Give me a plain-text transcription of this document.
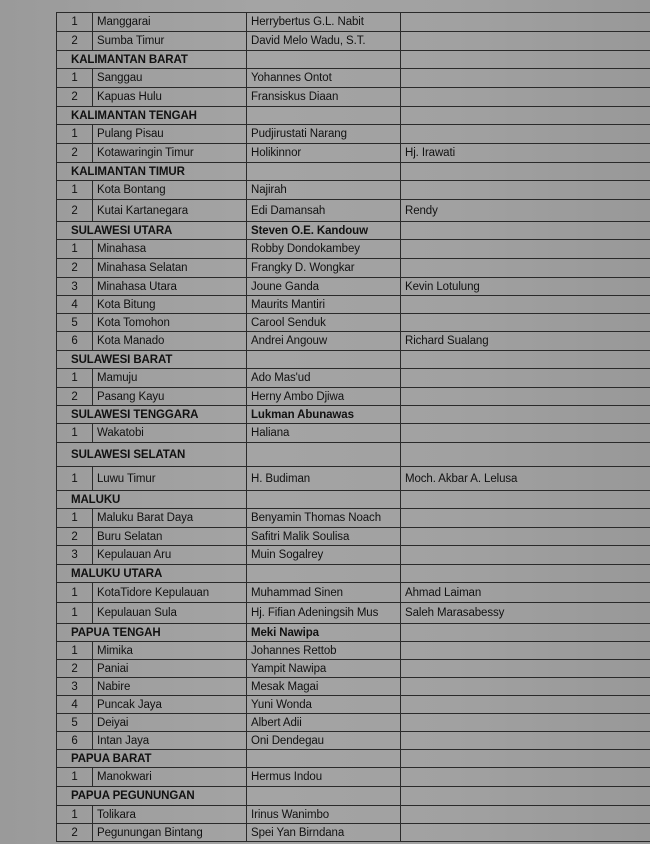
1	Manggarai	Herrybertus G.L. Nabit	
2	Sumba Timur	David Melo Wadu, S.T.	
KALIMANTAN BARAT			
1	Sanggau	Yohannes Ontot	
2	Kapuas Hulu	Fransiskus Diaan	
KALIMANTAN TENGAH			
1	Pulang Pisau	Pudjirustati Narang	
2	Kotawaringin Timur	Holikinnor	Hj. Irawati
KALIMANTAN TIMUR			
1	Kota Bontang	Najirah	
2	Kutai Kartanegara	Edi Damansah	Rendy
SULAWESI UTARA		Steven O.E. Kandouw	
1	Minahasa	Robby Dondokambey	
2	Minahasa Selatan	Frangky D. Wongkar	
3	Minahasa Utara	Joune Ganda	Kevin Lotulung
4	Kota Bitung	Maurits Mantiri	
5	Kota Tomohon	Carool Senduk	
6	Kota Manado	Andrei Angouw	Richard Sualang
SULAWESI BARAT			
1	Mamuju	Ado Mas'ud	
2	Pasang Kayu	Herny Ambo Djiwa	
SULAWESI TENGGARA		Lukman Abunawas	
1	Wakatobi	Haliana	
SULAWESI SELATAN			
1	Luwu Timur	H. Budiman	Moch. Akbar A. Lelusa
MALUKU			
1	Maluku Barat Daya	Benyamin Thomas Noach	
2	Buru Selatan	Safitri Malik Soulisa	
3	Kepulauan Aru	Muin Sogalrey	
MALUKU UTARA			
1	KotaTidore Kepulauan	Muhammad Sinen	Ahmad Laiman
1	Kepulauan Sula	Hj. Fifian Adeningsih Mus	Saleh Marasabessy
PAPUA TENGAH		Meki Nawipa	
1	Mimika	Johannes Rettob	
2	Paniai	Yampit Nawipa	
3	Nabire	Mesak Magai	
4	Puncak Jaya	Yuni Wonda	
5	Deiyai	Albert Adii	
6	Intan Jaya	Oni Dendegau	
PAPUA BARAT			
1	Manokwari	Hermus Indou	
PAPUA PEGUNUNGAN			
1	Tolikara	Irinus Wanimbo	
2	Pegunungan Bintang	Spei Yan Birndana	
